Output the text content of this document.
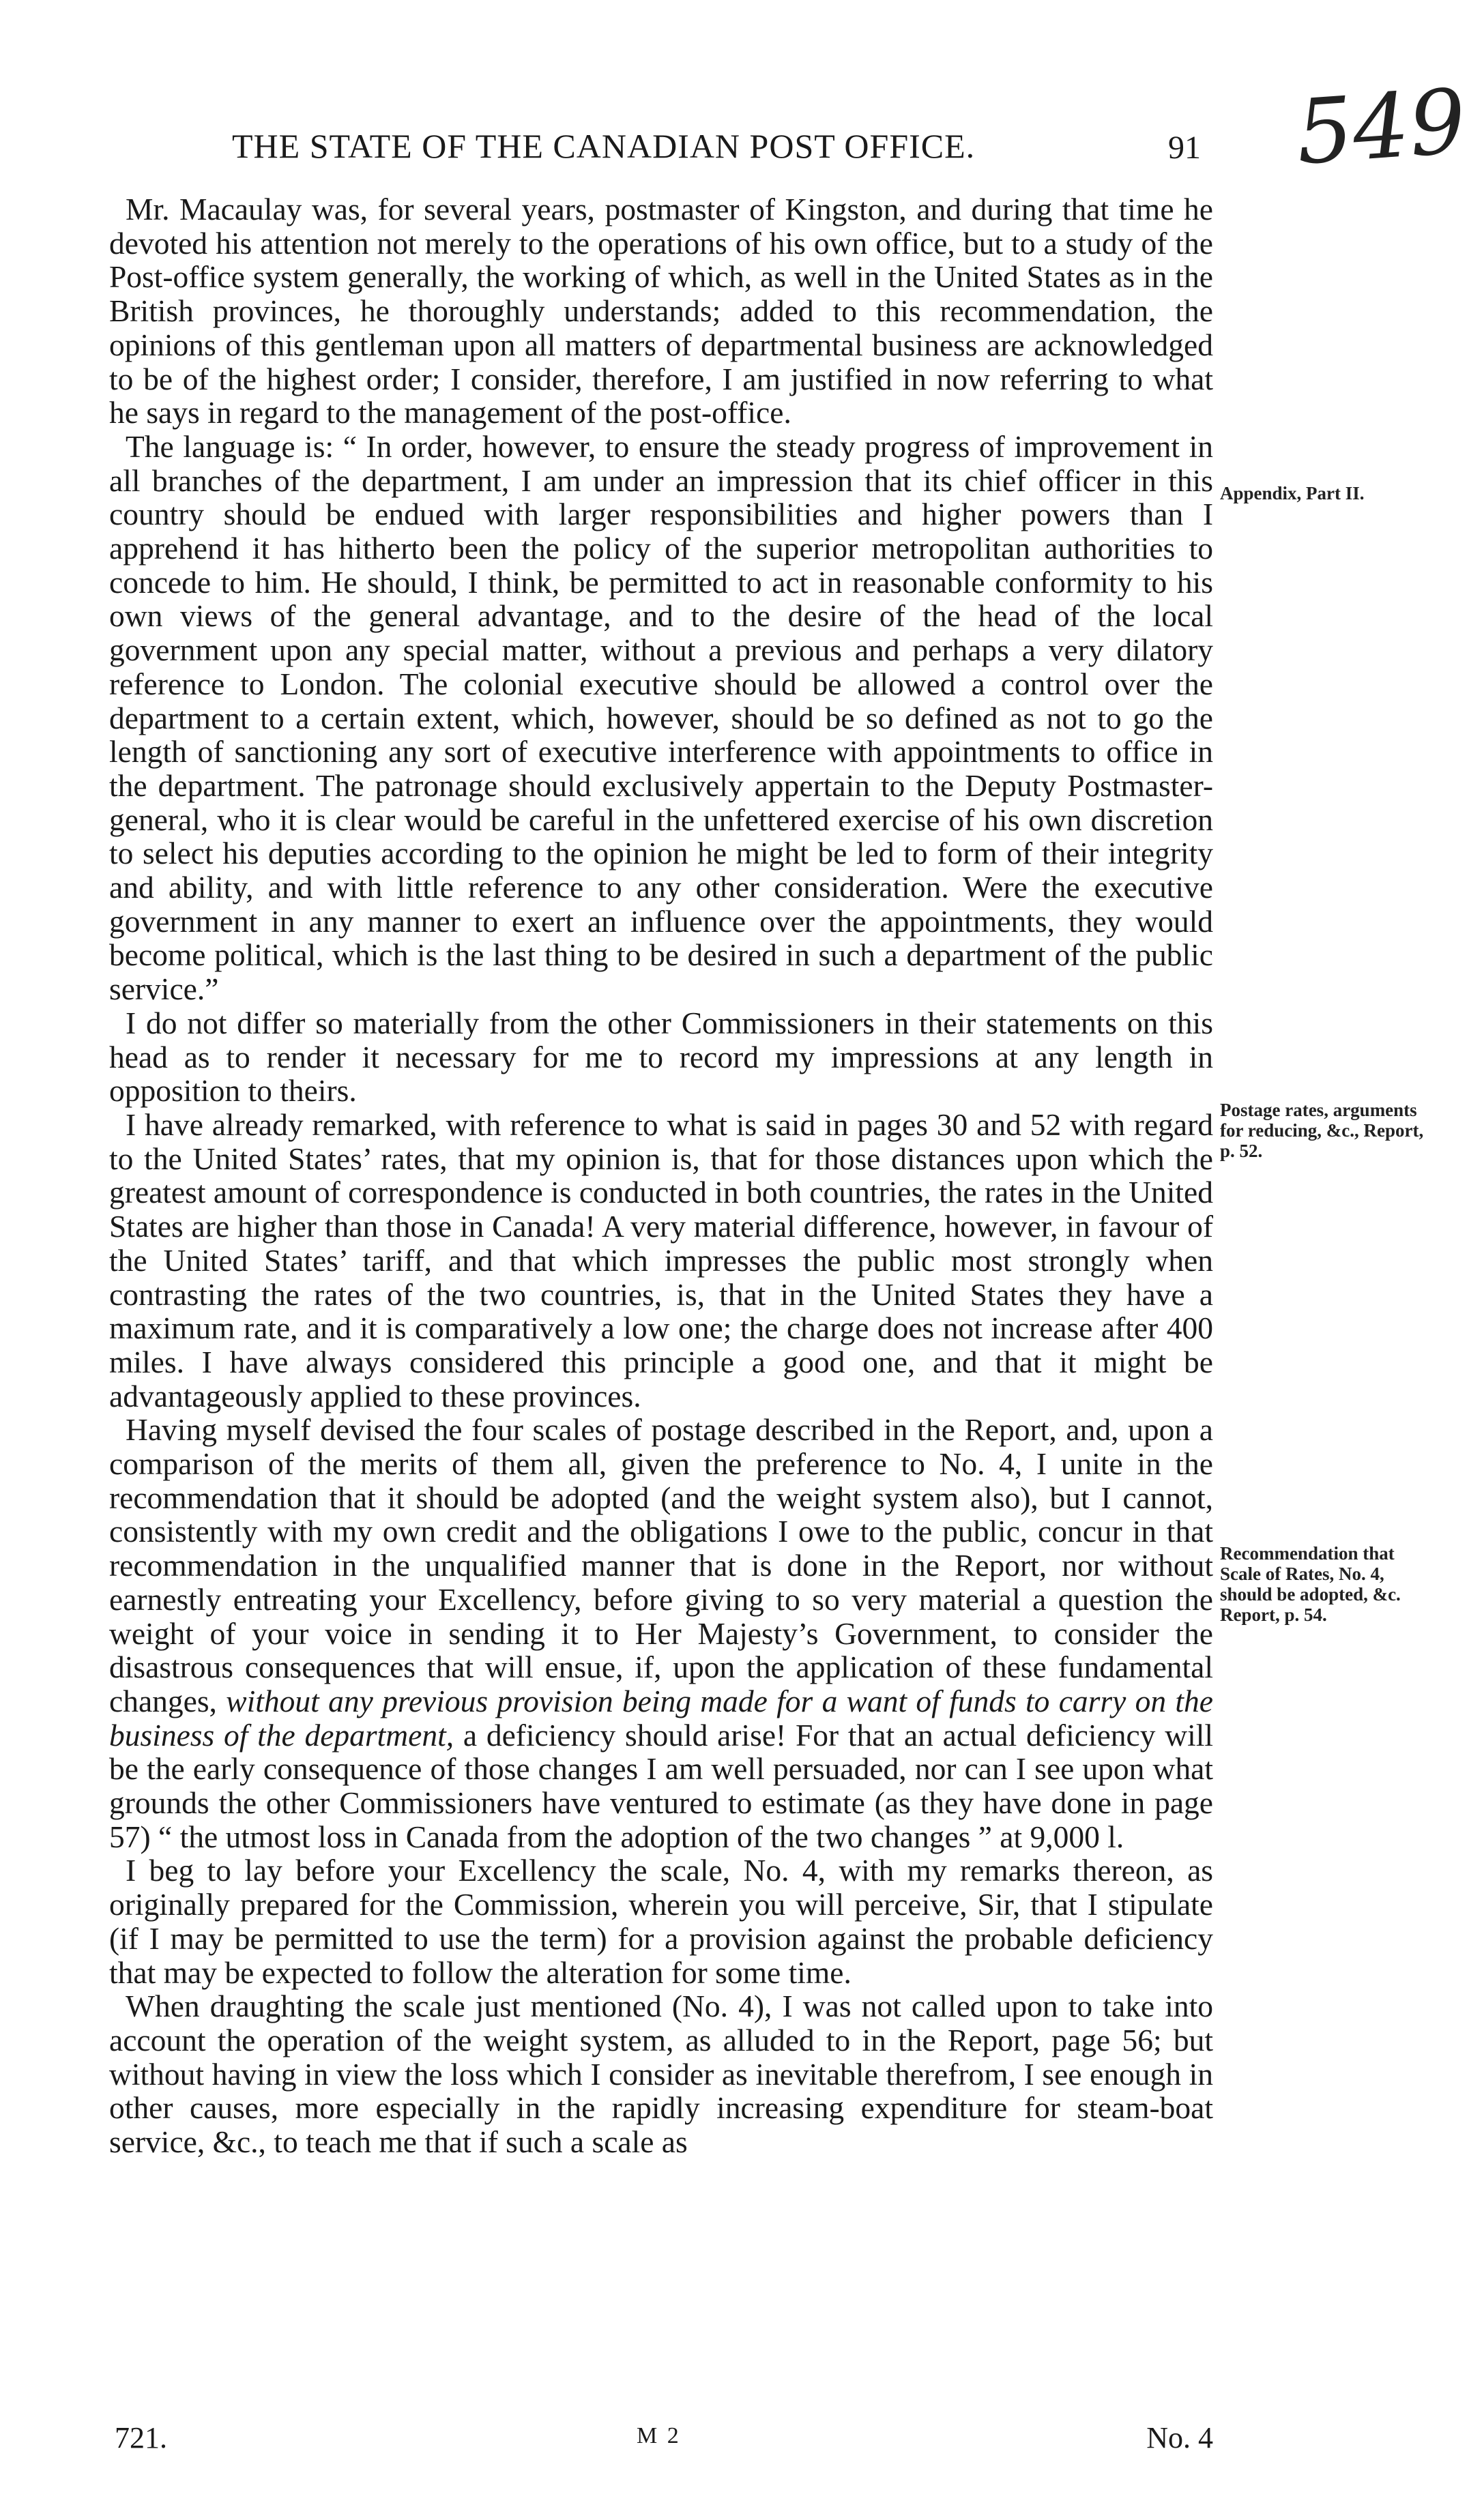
549
THE STATE OF THE CANADIAN POST OFFICE.	91

Mr. Macaulay was, for several years, postmaster of Kingston, and during that time he devoted his attention not merely to the operations of his own office, but to a study of the Post-office system generally, the working of which, as well in the United States as in the British provinces, he thoroughly understands; added to this recommendation, the opinions of this gentleman upon all matters of departmental business are acknowledged to be of the highest order; I consider, therefore, I am justified in now referring to what he says in regard to the management of the post-office.

The language is: “ In order, however, to ensure the steady progress of improvement in all branches of the department, I am under an impression that its chief officer in this country should be endued with larger responsibilities and higher powers than I apprehend it has hitherto been the policy of the superior metropolitan authorities to concede to him. He should, I think, be permitted to act in reasonable conformity to his own views of the general advantage, and to the desire of the head of the local government upon any special matter, without a previous and perhaps a very dilatory reference to London. The colonial executive should be allowed a control over the department to a certain extent, which, however, should be so defined as not to go the length of sanctioning any sort of executive interference with appointments to office in the department. The patronage should exclusively appertain to the Deputy Postmaster-general, who it is clear would be careful in the unfettered exercise of his own discretion to select his deputies according to the opinion he might be led to form of their integrity and ability, and with little reference to any other consideration. Were the executive government in any manner to exert an influence over the appointments, they would become political, which is the last thing to be desired in such a department of the public service.”

I do not differ so materially from the other Commissioners in their statements on this head as to render it necessary for me to record my impressions at any length in opposition to theirs.

I have already remarked, with reference to what is said in pages 30 and 52 with regard to the United States’ rates, that my opinion is, that for those distances upon which the greatest amount of correspondence is conducted in both countries, the rates in the United States are higher than those in Canada! A very material difference, however, in favour of the United States’ tariff, and that which impresses the public most strongly when contrasting the rates of the two countries, is, that in the United States they have a maximum rate, and it is comparatively a low one; the charge does not increase after 400 miles. I have always considered this principle a good one, and that it might be advantageously applied to these provinces.

Having myself devised the four scales of postage described in the Report, and, upon a comparison of the merits of them all, given the preference to No. 4, I unite in the recommendation that it should be adopted (and the weight system also), but I cannot, consistently with my own credit and the obligations I owe to the public, concur in that recommendation in the unqualified manner that is done in the Report, nor without earnestly entreating your Excellency, before giving to so very material a question the weight of your voice in sending it to Her Majesty’s Government, to consider the disastrous consequences that will ensue, if, upon the application of these fundamental changes, without any previous provision being made for a want of funds to carry on the business of the department, a deficiency should arise! For that an actual deficiency will be the early consequence of those changes I am well persuaded, nor can I see upon what grounds the other Commissioners have ventured to estimate (as they have done in page 57) “ the utmost loss in Canada from the adoption of the two changes ” at 9,000 l.

I beg to lay before your Excellency the scale, No. 4, with my remarks thereon, as originally prepared for the Commission, wherein you will perceive, Sir, that I stipulate (if I may be permitted to use the term) for a provision against the probable deficiency that may be expected to follow the alteration for some time.

When draughting the scale just mentioned (No. 4), I was not called upon to take into account the operation of the weight system, as alluded to in the Report, page 56; but without having in view the loss which I consider as inevitable therefrom, I see enough in other causes, more especially in the rapidly increasing expenditure for steam-boat service, &c., to teach me that if such a scale as

Appendix, Part II.
Postage rates, arguments for reducing, &c., Report, p. 52.
Recommendation that Scale of Rates, No. 4, should be adopted, &c. Report, p. 54.
721.	M 2	No. 4
